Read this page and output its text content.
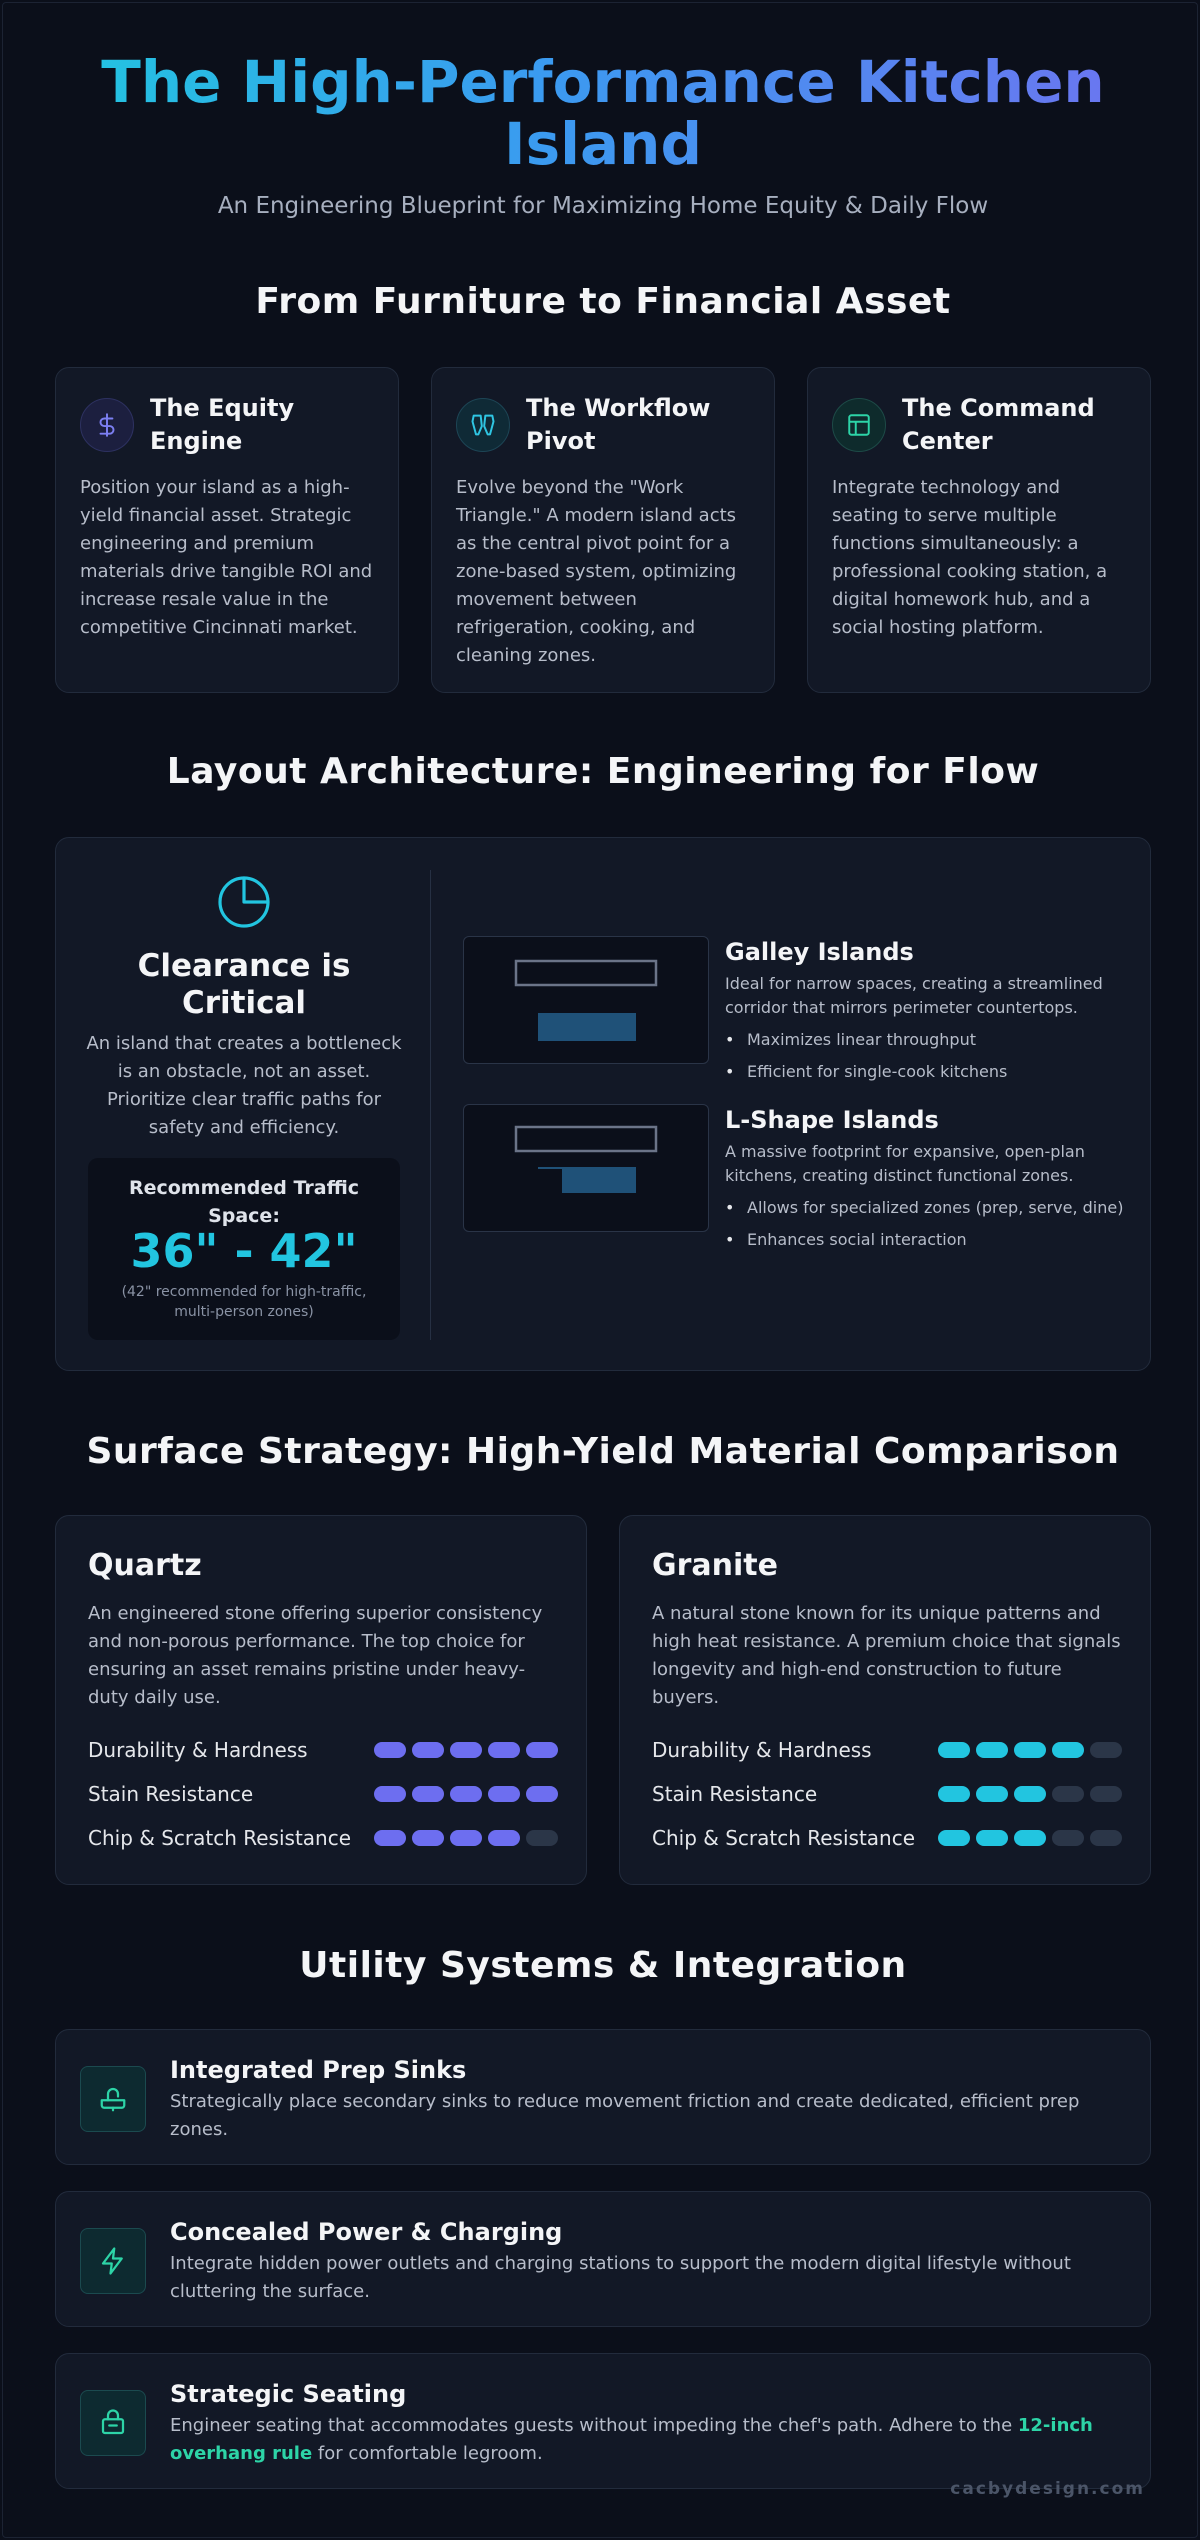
The High-Performance Kitchen Island
An Engineering Blueprint for Maximizing Home Equity & Daily Flow
From Furniture to Financial Asset
The Equity Engine
Position your island as a high-yield financial asset. Strategic engineering and premium materials drive tangible ROI and increase resale value in the competitive Cincinnati market.
The Workflow Pivot
Evolve beyond the "Work Triangle." A modern island acts as the central pivot point for a zone-based system, optimizing movement between refrigeration, cooking, and cleaning zones.
The Command Center
Integrate technology and seating to serve multiple functions simultaneously: a professional cooking station, a digital homework hub, and a social hosting platform.
Layout Architecture: Engineering for Flow
Clearance is Critical
An island that creates a bottleneck is an obstacle, not an asset. Prioritize clear traffic paths for safety and efficiency.
Recommended Traffic Space:
36" - 42"
(42" recommended for high-traffic, multi-person zones)
Galley Islands
Ideal for narrow spaces, creating a streamlined corridor that mirrors perimeter countertops.
• Maximizes linear throughput
• Efficient for single-cook kitchens
L-Shape Islands
A massive footprint for expansive, open-plan kitchens, creating distinct functional zones.
• Allows for specialized zones (prep, serve, dine)
• Enhances social interaction
Surface Strategy: High-Yield Material Comparison
Quartz
An engineered stone offering superior consistency and non-porous performance. The top choice for ensuring an asset remains pristine under heavy-duty daily use.
Durability & Hardness
Stain Resistance
Chip & Scratch Resistance
Granite
A natural stone known for its unique patterns and high heat resistance. A premium choice that signals longevity and high-end construction to future buyers.
Durability & Hardness
Stain Resistance
Chip & Scratch Resistance
Utility Systems & Integration
Integrated Prep Sinks
Strategically place secondary sinks to reduce movement friction and create dedicated, efficient prep zones.
Concealed Power & Charging
Integrate hidden power outlets and charging stations to support the modern digital lifestyle without cluttering the surface.
Strategic Seating
Engineer seating that accommodates guests without impeding the chef's path. Adhere to the 12-inch overhang rule for comfortable legroom.
cacbydesign.com
